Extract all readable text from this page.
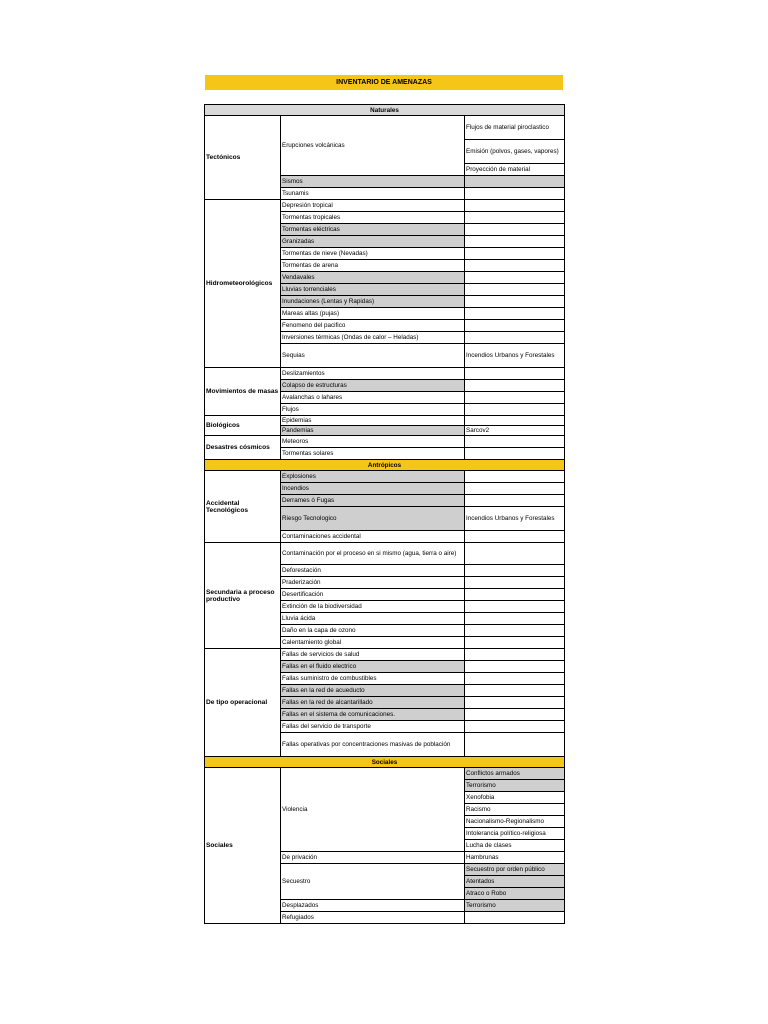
INVENTARIO DE AMENAZAS
Naturales		
Tectónicos	Erupciones volcánicas	Flujos de material piroclastico
		Emisión (polvos, gases, vapores)
		Proyección de material
	Sismos	
	Tsunamis	
Hidrometeorológicos	Depresión tropical	
	Tormentas tropicales	
	Tormentas eléctricas	
	Granizadas	
	Tormentas de nieve (Nevadas)	
	Tormentas de arena	
	Vendavales	
	Lluvias torrenciales	
	Inundaciones (Lentas y Rapidas)	
	Mareas altas (pujas)	
	Fenomeno del pacifico	
	Inversiones térmicas (Ondas de calor – Heladas)	
	Sequias	Incendios Urbanos y Forestales
Movimientos de masas	Deslizamientos	
	Colapso de estructuras	
	Avalanchas o lahares	
	Flujos	
Biológicos	Epidemias	
	Pandemias	Sarcov2
Desastres cósmicos	Meteoros	
	Tormentas solares	
Antrópicos		
Accidental Tecnológicos	Explosiones	
	Incendios	
	Derrames ó Fugas	
	Riesgo Tecnologico	Incendios Urbanos y Forestales
	Contaminaciones accidental	
Secundaria a proceso productivo	Contaminación por el proceso en si mismo (agua, tierra o aire)	
	Deforestación	
	Praderización	
	Desertificación	
	Extinción de la biodiversidad	
	Lluvia ácida	
	Daño en la capa de ozono	
	Calentamiento global	
De tipo operacional	Fallas de servicios de salud	
	Fallas en el fluido electrico	
	Fallas suministro de combustibles	
	Fallas en la red de acueducto	
	Fallas en la red de alcantarillado	
	Fallas en el sistema de comunicaciones.	
	Fallas del servicio de transporte	
	Fallas operativas por concentraciones masivas de población	
Sociales		
Sociales	Violencia	Conflictos armados
		Terrorismo
		Xenofobia
		Racismo
		Nacionalismo-Regionalismo
		Intolerancia político-religiosa
		Lucha de clases
	De privación	Hambrunas
	Secuestro	Secuestro por orden público
		Atentados
		Atraco o Robo
	Desplazados	Terrorismo
	Refugiados	
